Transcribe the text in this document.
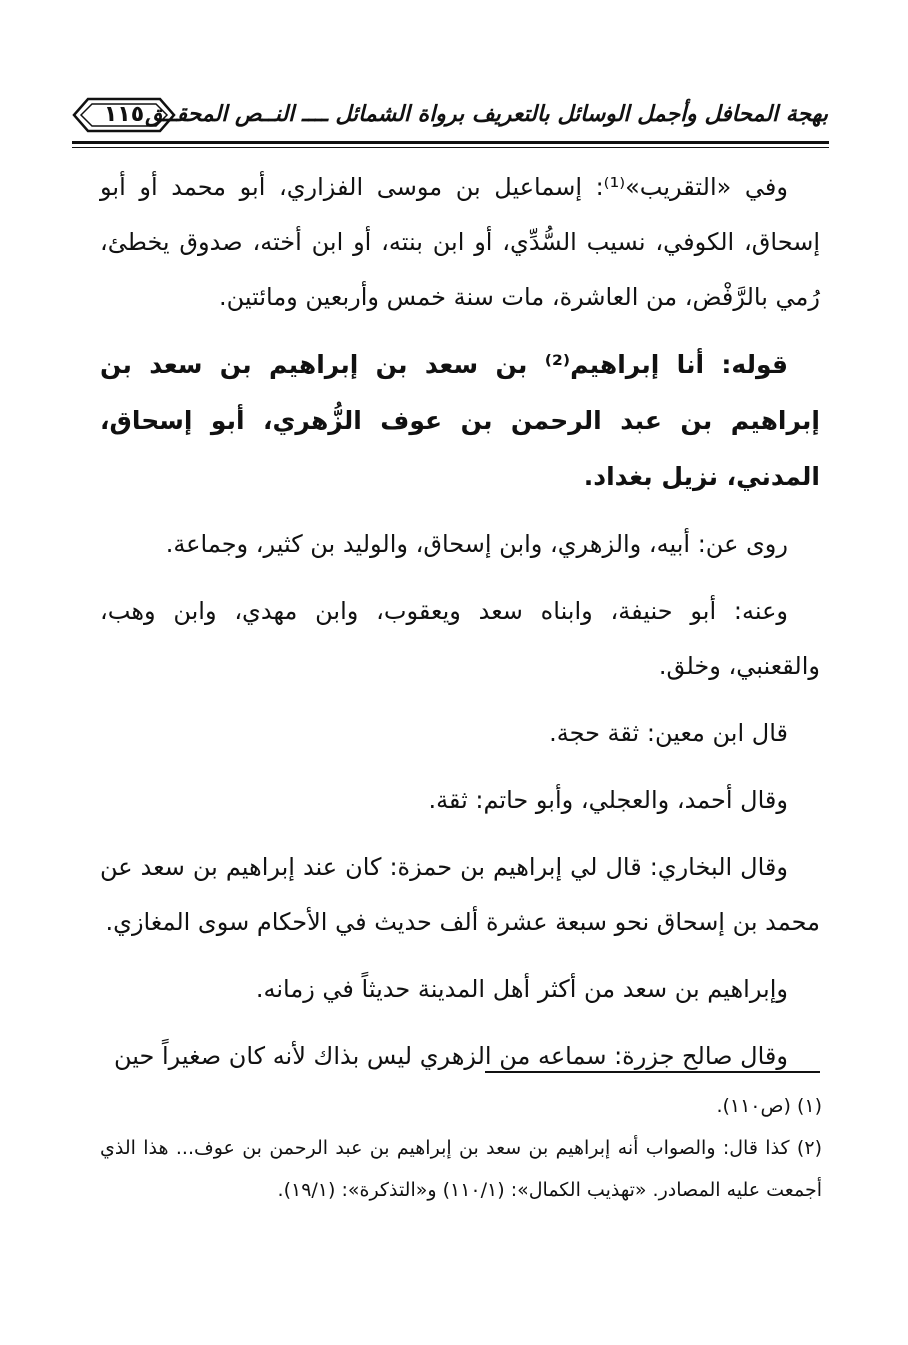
بهجة المحافل وأجمل الوسائل بالتعريف برواة الشمائل ــــ النــص المحقــق
١١٥

وفي «التقريب»⁽¹⁾: إسماعيل بن موسى الفزاري، أبو محمد أو أبو إسحاق، الكوفي، نسيب السُّدِّي، أو ابن بنته، أو ابن أخته، صدوق يخطئ، رُمي بالرَّفْض، من العاشرة، مات سنة خمس وأربعين ومائتين.

قوله: أنا إبراهيم⁽²⁾ بن سعد بن إبراهيم بن سعد بن إبراهيم بن عبد الرحمن بن عوف الزُّهري، أبو إسحاق، المدني، نزيل بغداد.

روى عن: أبيه، والزهري، وابن إسحاق، والوليد بن كثير، وجماعة.

وعنه: أبو حنيفة، وابناه سعد ويعقوب، وابن مهدي، وابن وهب، والقعنبي، وخلق.

قال ابن معين: ثقة حجة.

وقال أحمد، والعجلي، وأبو حاتم: ثقة.

وقال البخاري: قال لي إبراهيم بن حمزة: كان عند إبراهيم بن سعد عن محمد بن إسحاق نحو سبعة عشرة ألف حديث في الأحكام سوى المغازي.

وإبراهيم بن سعد من أكثر أهل المدينة حديثاً في زمانه.

وقال صالح جزرة: سماعه من الزهري ليس بذاك لأنه كان صغيراً حين

(١) (ص١١٠).

(٢) كذا قال: والصواب أنه إبراهيم بن سعد بن إبراهيم بن عبد الرحمن بن عوف... هذا الذي أجمعت عليه المصادر. «تهذيب الكمال»: (١١٠/١) و«التذكرة»: (١٩/١).
